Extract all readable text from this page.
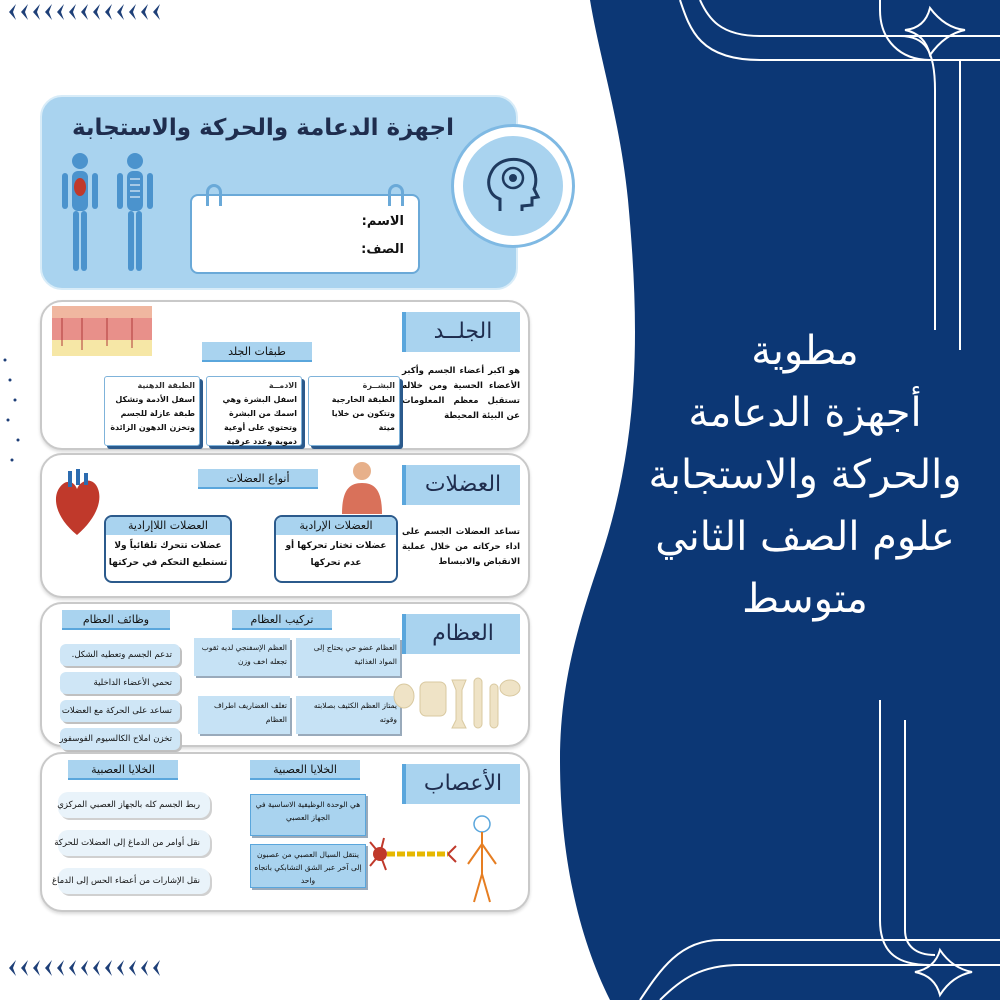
مطوية
أجهزة الدعامة
والحركة والاستجابة
علوم الصف الثاني
متوسط
اجهزة الدعامة والحركة والاستجابة
الاسم:
الصف:
الجلــد
هو اكبر أعضاء الجسم وأكبر الأعضاء الحسية ومن خلاله تستقبل معظم المعلومات عن البيئة المحيطة
طبقات الجلد
البشــرة
الطبقة الخارجية وتتكون من خلايا ميتة
الادمــة
اسفل البشرة وهي اسمك من البشرة وتحتوي على أوعية دموية وغدد عرقية
الطبقة الدهنية
اسفل الأدمة وتشكل طبقة عازلة للجسم وتخزن الدهون الزائدة
العضلات
تساعد العضلات الجسم على اداء حركاته من خلال عملية الانقباض والانبساط
أنواع العضلات
العضلات الإرادية
عضلات تختار تحركها أو عدم تحركها
العضلات اللاإرادية
عضلات تتحرك تلقائياً ولا تستطيع التحكم في حركتها
العظام
تركيب العظام
وظائف العظام
العظام عضو حي يحتاج إلى المواد الغذائية
العظم الإسفنجي لديه ثقوب تجعله اخف وزن
يمتاز العظم الكثيف بصلابته وقوته
تغلف الغضاريف اطراف العظام
تدعم الجسم وتعطيه الشكل.
تحمي الأعضاء الداخلية
تساعد على الحركة مع العضلات
تخزن املاح الكالسيوم الفوسفور
الأعصاب
الخلايا العصبية
الخلايا العصبية
هي الوحدة الوظيفية الاساسية في الجهاز العصبي
ينتقل السيال العصبي من عصبون إلى آخر عبر الشق التشابكي باتجاه واحد
ربط الجسم كله بالجهاز العصبي المركزي
نقل أوامر من الدماغ إلى العضلات للحركة
نقل الإشارات من أعضاء الحس إلى الدماغ
